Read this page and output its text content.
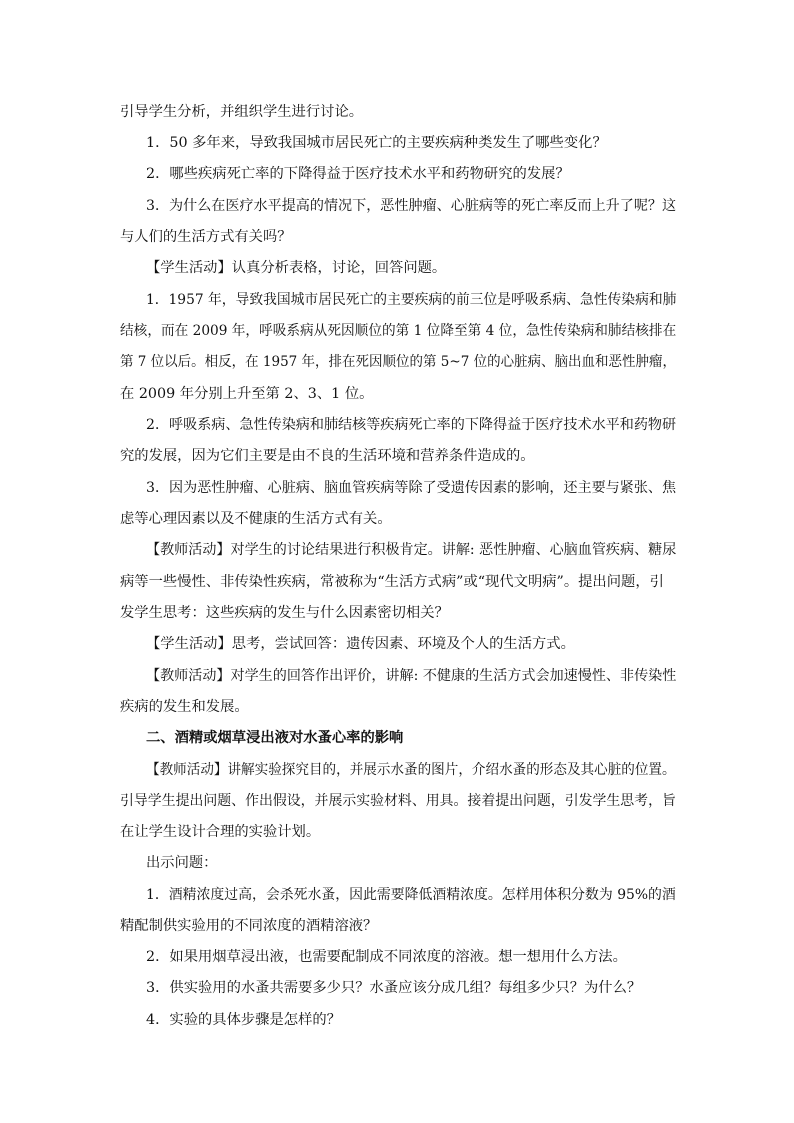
引导学生分析，并组织学生进行讨论。
1．50 多年来，导致我国城市居民死亡的主要疾病种类发生了哪些变化？
2．哪些疾病死亡率的下降得益于医疗技术水平和药物研究的发展？
3．为什么在医疗水平提高的情况下，恶性肿瘤、心脏病等的死亡率反而上升了呢？这
与人们的生活方式有关吗？
【学生活动】认真分析表格，讨论，回答问题。
1．1957 年，导致我国城市居民死亡的主要疾病的前三位是呼吸系病、急性传染病和肺
结核，而在 2009 年，呼吸系病从死因顺位的第 1 位降至第 4 位，急性传染病和肺结核排在
第 7 位以后。相反，在 1957 年，排在死因顺位的第 5~7 位的心脏病、脑出血和恶性肿瘤，
在 2009 年分别上升至第 2、3、1 位。
2．呼吸系病、急性传染病和肺结核等疾病死亡率的下降得益于医疗技术水平和药物研
究的发展，因为它们主要是由不良的生活环境和营养条件造成的。
3．因为恶性肿瘤、心脏病、脑血管疾病等除了受遗传因素的影响，还主要与紧张、焦
虑等心理因素以及不健康的生活方式有关。
【教师活动】对学生的讨论结果进行积极肯定。讲解: 恶性肿瘤、心脑血管疾病、糖尿
病等一些慢性、非传染性疾病，常被称为“生活方式病”或“现代文明病”。提出问题，引
发学生思考：这些疾病的发生与什么因素密切相关？
【学生活动】思考，尝试回答：遗传因素、环境及个人的生活方式。
【教师活动】对学生的回答作出评价，讲解: 不健康的生活方式会加速慢性、非传染性
疾病的发生和发展。
二、酒精或烟草浸出液对水蚤心率的影响
【教师活动】讲解实验探究目的，并展示水蚤的图片，介绍水蚤的形态及其心脏的位置。
引导学生提出问题、作出假设，并展示实验材料、用具。接着提出问题，引发学生思考，旨
在让学生设计合理的实验计划。
出示问题：
1．酒精浓度过高，会杀死水蚤，因此需要降低酒精浓度。怎样用体积分数为 95%的酒
精配制供实验用的不同浓度的酒精溶液？
2．如果用烟草浸出液，也需要配制成不同浓度的溶液。想一想用什么方法。
3．供实验用的水蚤共需要多少只？水蚤应该分成几组？每组多少只？为什么？
4．实验的具体步骤是怎样的？
